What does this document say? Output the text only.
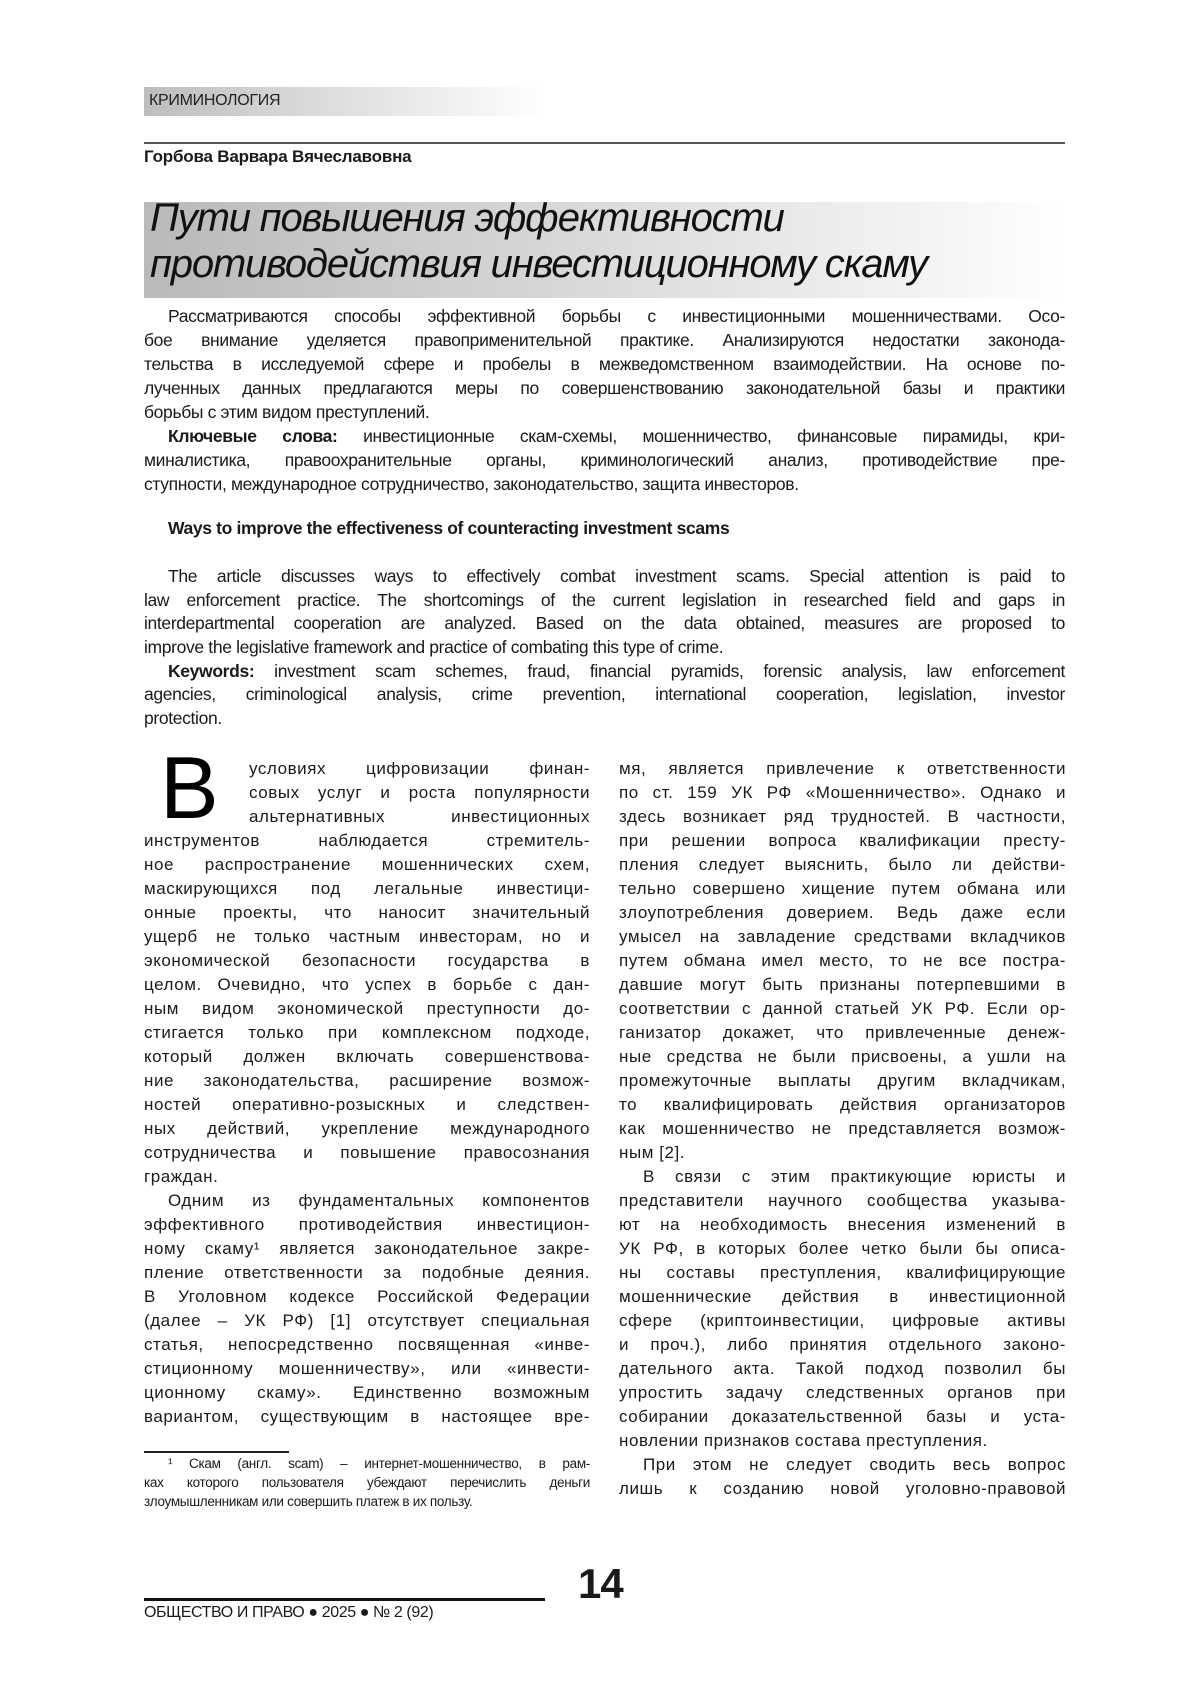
КРИМИНОЛОГИЯ
Горбова Варвара Вячеславовна
Пути повышения эффективности
противодействия инвестиционному скаму
Рассматриваются способы эффективной борьбы с инвестиционными мошенничествами. Осо-
бое внимание уделяется правоприменительной практике. Анализируются недостатки законода-
тельства в исследуемой сфере и пробелы в межведомственном взаимодействии. На основе по-
лученных данных предлагаются меры по совершенствованию законодательной базы и практики
борьбы с этим видом преступлений.
Ключевые слова: инвестиционные скам-схемы, мошенничество, финансовые пирамиды, кри-
миналистика, правоохранительные органы, криминологический анализ, противодействие пре-
ступности, международное сотрудничество, законодательство, защита инвесторов.
Ways to improve the effectiveness of counteracting investment scams
The article discusses ways to effectively combat investment scams. Special attention is paid to
law enforcement practice. The shortcomings of the current legislation in researched field and gaps in
interdepartmental cooperation are analyzed. Based on the data obtained, measures are proposed to
improve the legislative framework and practice of combating this type of crime.
Keywords: investment scam schemes, fraud, financial pyramids, forensic analysis, law enforcement
agencies, criminological analysis, crime prevention, international cooperation, legislation, investor
protection.
В	условиях цифровизации финан-
совых услуг и роста популярности
альтернативных инвестиционных
инструментов наблюдается стремитель-
ное распространение мошеннических схем,
маскирующихся под легальные инвестици-
онные проекты, что наносит значительный
ущерб не только частным инвесторам, но и
экономической безопасности государства в
целом. Очевидно, что успех в борьбе с дан-
ным видом экономической преступности до-
стигается только при комплексном подходе,
который должен включать совершенствова-
ние законодательства, расширение возмож-
ностей оперативно-розыскных и следствен-
ных действий, укрепление международного
сотрудничества и повышение правосознания
граждан.
Одним из фундаментальных компонентов
эффективного противодействия инвестицион-
ному скаму¹ является законодательное закре-
пление ответственности за подобные деяния.
В Уголовном кодексе Российской Федерации
(далее – УК РФ) [1] отсутствует специальная
статья, непосредственно посвященная «инве-
стиционному мошенничеству», или «инвести-
ционному скаму». Единственно возможным
вариантом, существующим в настоящее вре-
мя, является привлечение к ответственности
по ст. 159 УК РФ «Мошенничество». Однако и
здесь возникает ряд трудностей. В частности,
при решении вопроса квалификации престу-
пления следует выяснить, было ли действи-
тельно совершено хищение путем обмана или
злоупотребления доверием. Ведь даже если
умысел на завладение средствами вкладчиков
путем обмана имел место, то не все постра-
давшие могут быть признаны потерпевшими в
соответствии с данной статьей УК РФ. Если ор-
ганизатор докажет, что привлеченные денеж-
ные средства не были присвоены, а ушли на
промежуточные выплаты другим вкладчикам,
то квалифицировать действия организаторов
как мошенничество не представляется возмож-
ным [2].
В связи с этим практикующие юристы и
представители научного сообщества указыва-
ют на необходимость внесения изменений в
УК РФ, в которых более четко были бы описа-
ны составы преступления, квалифицирующие
мошеннические действия в инвестиционной
сфере (криптоинвестиции, цифровые активы
и проч.), либо принятия отдельного законо-
дательного акта. Такой подход позволил бы
упростить задачу следственных органов при
собирании доказательственной базы и уста-
новлении признаков состава преступления.
При этом не следует сводить весь вопрос
лишь к созданию новой уголовно-правовой
¹ Скам (англ. scam) – интернет-мошенничество, в рам-
ках которого пользователя убеждают перечислить деньги
злоумышленникам или совершить платеж в их пользу.
14
ОБЩЕСТВО И ПРАВО ● 2025 ● № 2 (92)
